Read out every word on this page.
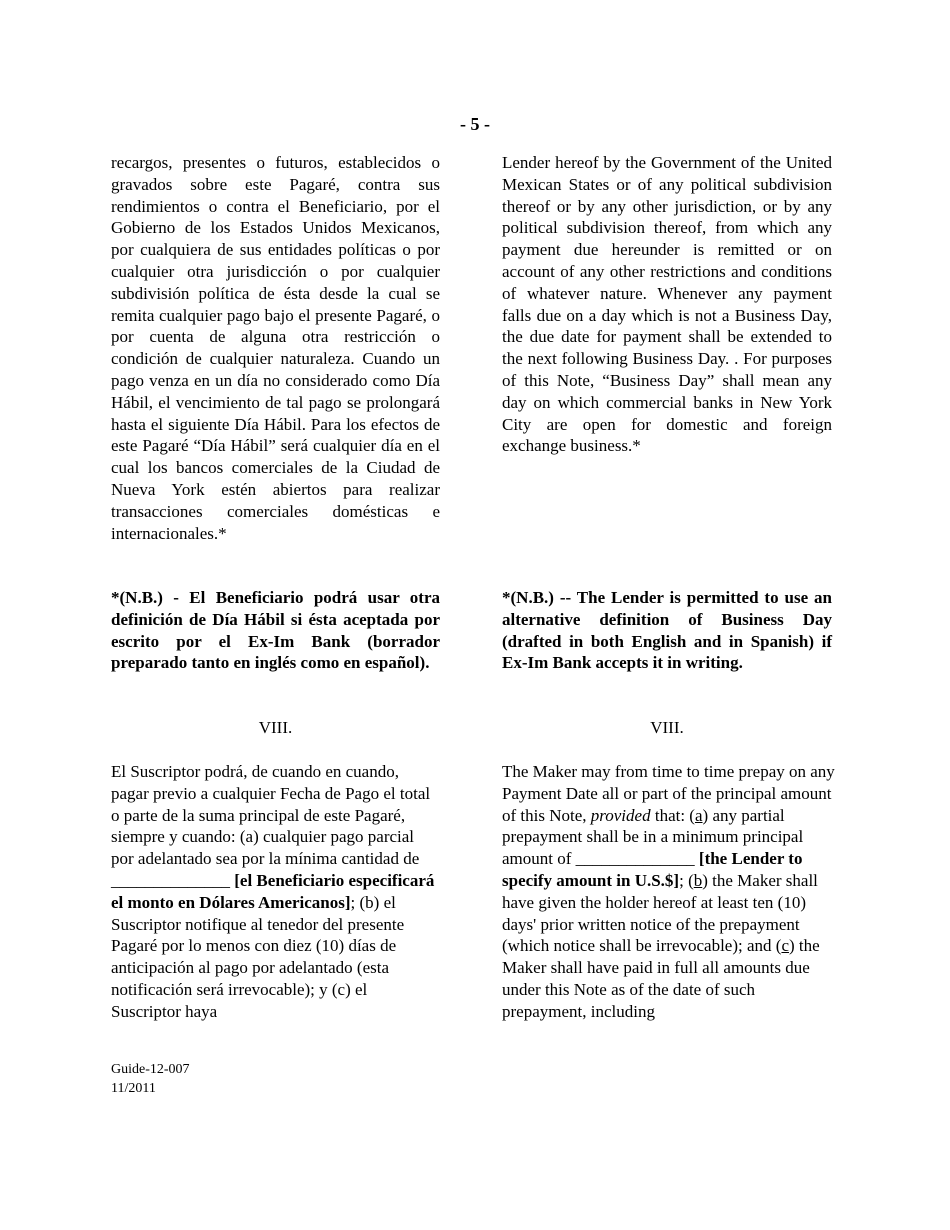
- 5 -

recargos, presentes o futuros, establecidos o gravados sobre este Pagaré, contra sus rendimientos o contra el Beneficiario, por el Gobierno de los Estados Unidos Mexicanos, por cualquiera de sus entidades políticas o por cualquier otra jurisdicción o por cualquier subdivisión política de ésta desde la cual se remita cualquier pago bajo el presente Pagaré, o por cuenta de alguna otra restricción o condición de cualquier naturaleza. Cuando un pago venza en un día no considerado como Día Hábil, el vencimiento de tal pago se prolongará hasta el siguiente Día Hábil. Para los efectos de este Pagaré “Día Hábil” será cualquier día en el cual los bancos comerciales de la Ciudad de Nueva York estén abiertos para realizar transacciones comerciales domésticas e internacionales.*

*(N.B.) - El Beneficiario podrá usar otra definición de Día Hábil si ésta aceptada por escrito por el Ex-Im Bank (borrador preparado tanto en inglés como en español).

VIII.

El Suscriptor podrá, de cuando en cuando, pagar previo a cualquier Fecha de Pago el total o parte de la suma principal de este Pagaré, siempre y cuando: (a) cualquier pago parcial por adelantado sea por la mínima cantidad de ______________ [el Beneficiario especificará el monto en Dólares Americanos]; (b) el Suscriptor notifique al tenedor del presente Pagaré por lo menos con diez (10) días de anticipación al pago por adelantado (esta notificación será irrevocable); y (c) el Suscriptor haya

Lender hereof by the Government of the United Mexican States or of any political subdivision thereof or by any other jurisdiction, or by any political subdivision thereof, from which any payment due hereunder is remitted or on account of any other restrictions and conditions of whatever nature. Whenever any payment falls due on a day which is not a Business Day, the due date for payment shall be extended to the next following Business Day. . For purposes of this Note, “Business Day” shall mean any day on which commercial banks in New York City are open for domestic and foreign exchange business.*

*(N.B.) -- The Lender is permitted to use an alternative definition of Business Day (drafted in both English and in Spanish) if Ex-Im Bank accepts it in writing.

VIII.

The Maker may from time to time prepay on any Payment Date all or part of the principal amount of this Note, provided that: (a) any partial prepayment shall be in a minimum principal amount of ______________ [the Lender to specify amount in U.S.$]; (b) the Maker shall have given the holder hereof at least ten (10) days' prior written notice of the prepayment (which notice shall be irrevocable); and (c) the Maker shall have paid in full all amounts due under this Note as of the date of such prepayment, including

Guide-12-007
11/2011
